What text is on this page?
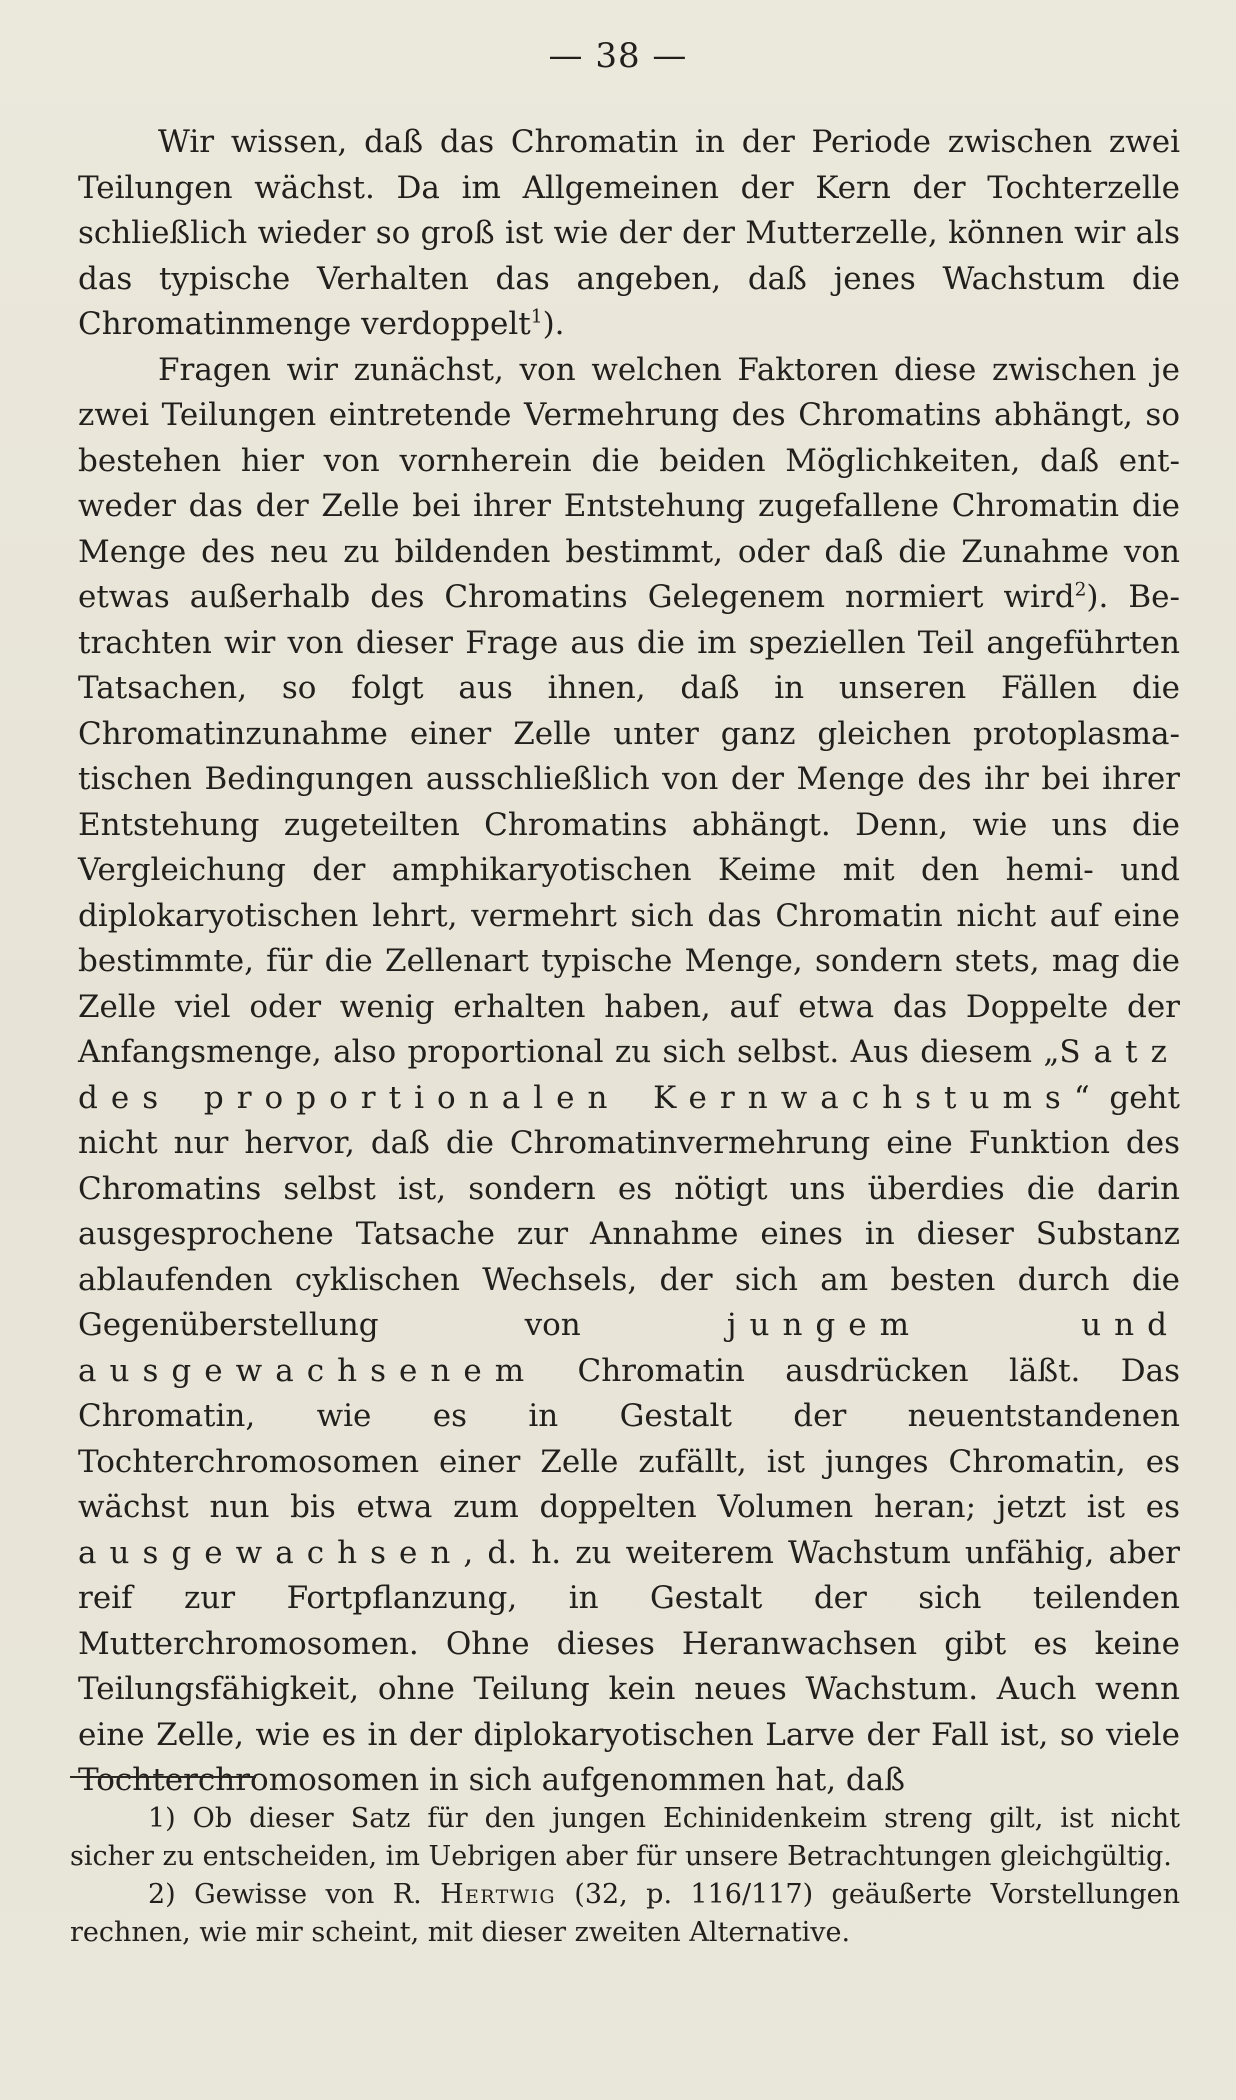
— 38 —

Wir wissen, daß das Chromatin in der Periode zwischen zwei Teilungen wächst. Da im Allgemeinen der Kern der Tochterzelle schließlich wieder so groß ist wie der der Mutterzelle, können wir als das typische Verhalten das angeben, daß jenes Wachstum die Chromatinmenge verdoppelt$^1$).

Fragen wir zunächst, von welchen Faktoren diese zwischen je zwei Teilungen eintretende Vermehrung des Chromatins abhängt, so bestehen hier von vornherein die beiden Möglichkeiten, daß entweder das der Zelle bei ihrer Entstehung zugefallene Chromatin die Menge des neu zu bildenden bestimmt, oder daß die Zunahme von etwas außerhalb des Chromatins Gelegenem normiert wird$^2$). Betrachten wir von dieser Frage aus die im speziellen Teil angeführten Tatsachen, so folgt aus ihnen, daß in unseren Fällen die Chromatinzunahme einer Zelle unter ganz gleichen protoplasmatischen Bedingungen ausschließlich von der Menge des ihr bei ihrer Entstehung zugeteilten Chromatins abhängt. Denn, wie uns die Vergleichung der amphikaryotischen Keime mit den hemi- und diplokaryotischen lehrt, vermehrt sich das Chromatin nicht auf eine bestimmte, für die Zellenart typische Menge, sondern stets, mag die Zelle viel oder wenig erhalten haben, auf etwa das Doppelte der Anfangsmenge, also proportional zu sich selbst. Aus diesem „Satz des proportionalen Kernwachstums“ geht nicht nur hervor, daß die Chromatinvermehrung eine Funktion des Chromatins selbst ist, sondern es nötigt uns überdies die darin ausgesprochene Tatsache zur Annahme eines in dieser Substanz ablaufenden cyklischen Wechsels, der sich am besten durch die Gegenüberstellung von jungem und ausgewachsenem Chromatin ausdrücken läßt. Das Chromatin, wie es in Gestalt der neuentstandenen Tochterchromosomen einer Zelle zufällt, ist junges Chromatin, es wächst nun bis etwa zum doppelten Volumen heran; jetzt ist es ausgewachsen, d. h. zu weiterem Wachstum unfähig, aber reif zur Fortpflanzung, in Gestalt der sich teilenden Mutterchromosomen. Ohne dieses Heranwachsen gibt es keine Teilungsfähigkeit, ohne Teilung kein neues Wachstum. Auch wenn eine Zelle, wie es in der diplokaryotischen Larve der Fall ist, so viele Tochterchromosomen in sich aufgenommen hat, daß

1) Ob dieser Satz für den jungen Echinidenkeim streng gilt, ist nicht sicher zu entscheiden, im Uebrigen aber für unsere Betrachtungen gleichgültig.

2) Gewisse von R. Hertwig (32, p. 116/117) geäußerte Vorstellungen rechnen, wie mir scheint, mit dieser zweiten Alternative.
